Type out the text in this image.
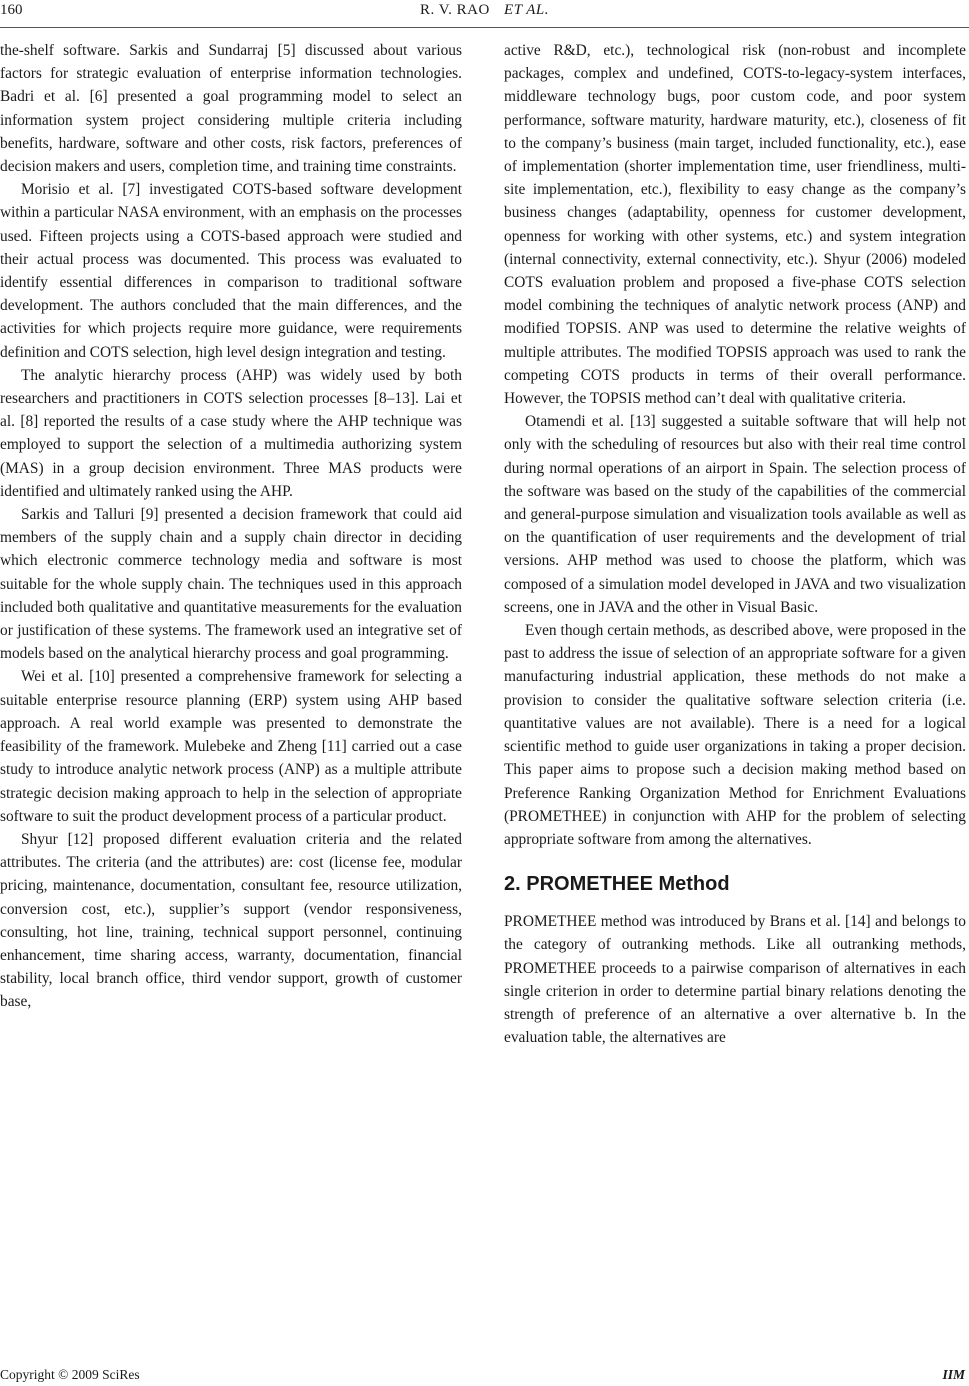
160	R. V. RAO ET AL.

the-shelf software. Sarkis and Sundarraj [5] discussed about various factors for strategic evaluation of enterprise information technologies. Badri et al. [6] presented a goal programming model to select an information system project considering multiple criteria including benefits, hardware, software and other costs, risk factors, preferences of decision makers and users, completion time, and training time constraints.

Morisio et al. [7] investigated COTS-based software development within a particular NASA environment, with an emphasis on the processes used. Fifteen projects using a COTS-based approach were studied and their actual process was documented. This process was evaluated to identify essential differences in comparison to traditional software development. The authors concluded that the main differences, and the activities for which projects require more guidance, were requirements definition and COTS selection, high level design integration and testing.

The analytic hierarchy process (AHP) was widely used by both researchers and practitioners in COTS selection processes [8–13]. Lai et al. [8] reported the results of a case study where the AHP technique was employed to support the selection of a multimedia authorizing system (MAS) in a group decision environment. Three MAS products were identified and ultimately ranked using the AHP.

Sarkis and Talluri [9] presented a decision framework that could aid members of the supply chain and a supply chain director in deciding which electronic commerce technology media and software is most suitable for the whole supply chain. The techniques used in this approach included both qualitative and quantitative measurements for the evaluation or justification of these systems. The framework used an integrative set of models based on the analytical hierarchy process and goal programming.

Wei et al. [10] presented a comprehensive framework for selecting a suitable enterprise resource planning (ERP) system using AHP based approach. A real world example was presented to demonstrate the feasibility of the framework. Mulebeke and Zheng [11] carried out a case study to introduce analytic network process (ANP) as a multiple attribute strategic decision making approach to help in the selection of appropriate software to suit the product development process of a particular product.

Shyur [12] proposed different evaluation criteria and the related attributes. The criteria (and the attributes) are: cost (license fee, modular pricing, maintenance, documentation, consultant fee, resource utilization, conversion cost, etc.), supplier’s support (vendor responsiveness, consulting, hot line, training, technical support personnel, continuing enhancement, time sharing access, warranty, documentation, financial stability, local branch office, third vendor support, growth of customer base,

active R&D, etc.), technological risk (non-robust and incomplete packages, complex and undefined, COTS-to-legacy-system interfaces, middleware technology bugs, poor custom code, and poor system performance, software maturity, hardware maturity, etc.), closeness of fit to the company’s business (main target, included functionality, etc.), ease of implementation (shorter implementation time, user friendliness, multi- site implementation, etc.), flexibility to easy change as the company’s business changes (adaptability, openness for customer development, openness for working with other systems, etc.) and system integration (internal connectivity, external connectivity, etc.). Shyur (2006) modeled COTS evaluation problem and proposed a five-phase COTS selection model combining the techniques of analytic network process (ANP) and modified TOPSIS. ANP was used to determine the relative weights of multiple attributes. The modified TOPSIS approach was used to rank the competing COTS products in terms of their overall performance. However, the TOPSIS method can’t deal with qualitative criteria.

Otamendi et al. [13] suggested a suitable software that will help not only with the scheduling of resources but also with their real time control during normal operations of an airport in Spain. The selection process of the software was based on the study of the capabilities of the commercial and general-purpose simulation and visualization tools available as well as on the quantification of user requirements and the development of trial versions. AHP method was used to choose the platform, which was composed of a simulation model developed in JAVA and two visualization screens, one in JAVA and the other in Visual Basic.

Even though certain methods, as described above, were proposed in the past to address the issue of selection of an appropriate software for a given manufacturing industrial application, these methods do not make a provision to consider the qualitative software selection criteria (i.e. quantitative values are not available). There is a need for a logical scientific method to guide user organizations in taking a proper decision. This paper aims to propose such a decision making method based on Preference Ranking Organization Method for Enrichment Evaluations (PROMETHEE) in conjunction with AHP for the problem of selecting appropriate software from among the alternatives.

2. PROMETHEE Method

PROMETHEE method was introduced by Brans et al. [14] and belongs to the category of outranking methods. Like all outranking methods, PROMETHEE proceeds to a pairwise comparison of alternatives in each single criterion in order to determine partial binary relations denoting the strength of preference of an alternative a over alternative b. In the evaluation table, the alternatives are

Copyright © 2009 SciRes	IIM
